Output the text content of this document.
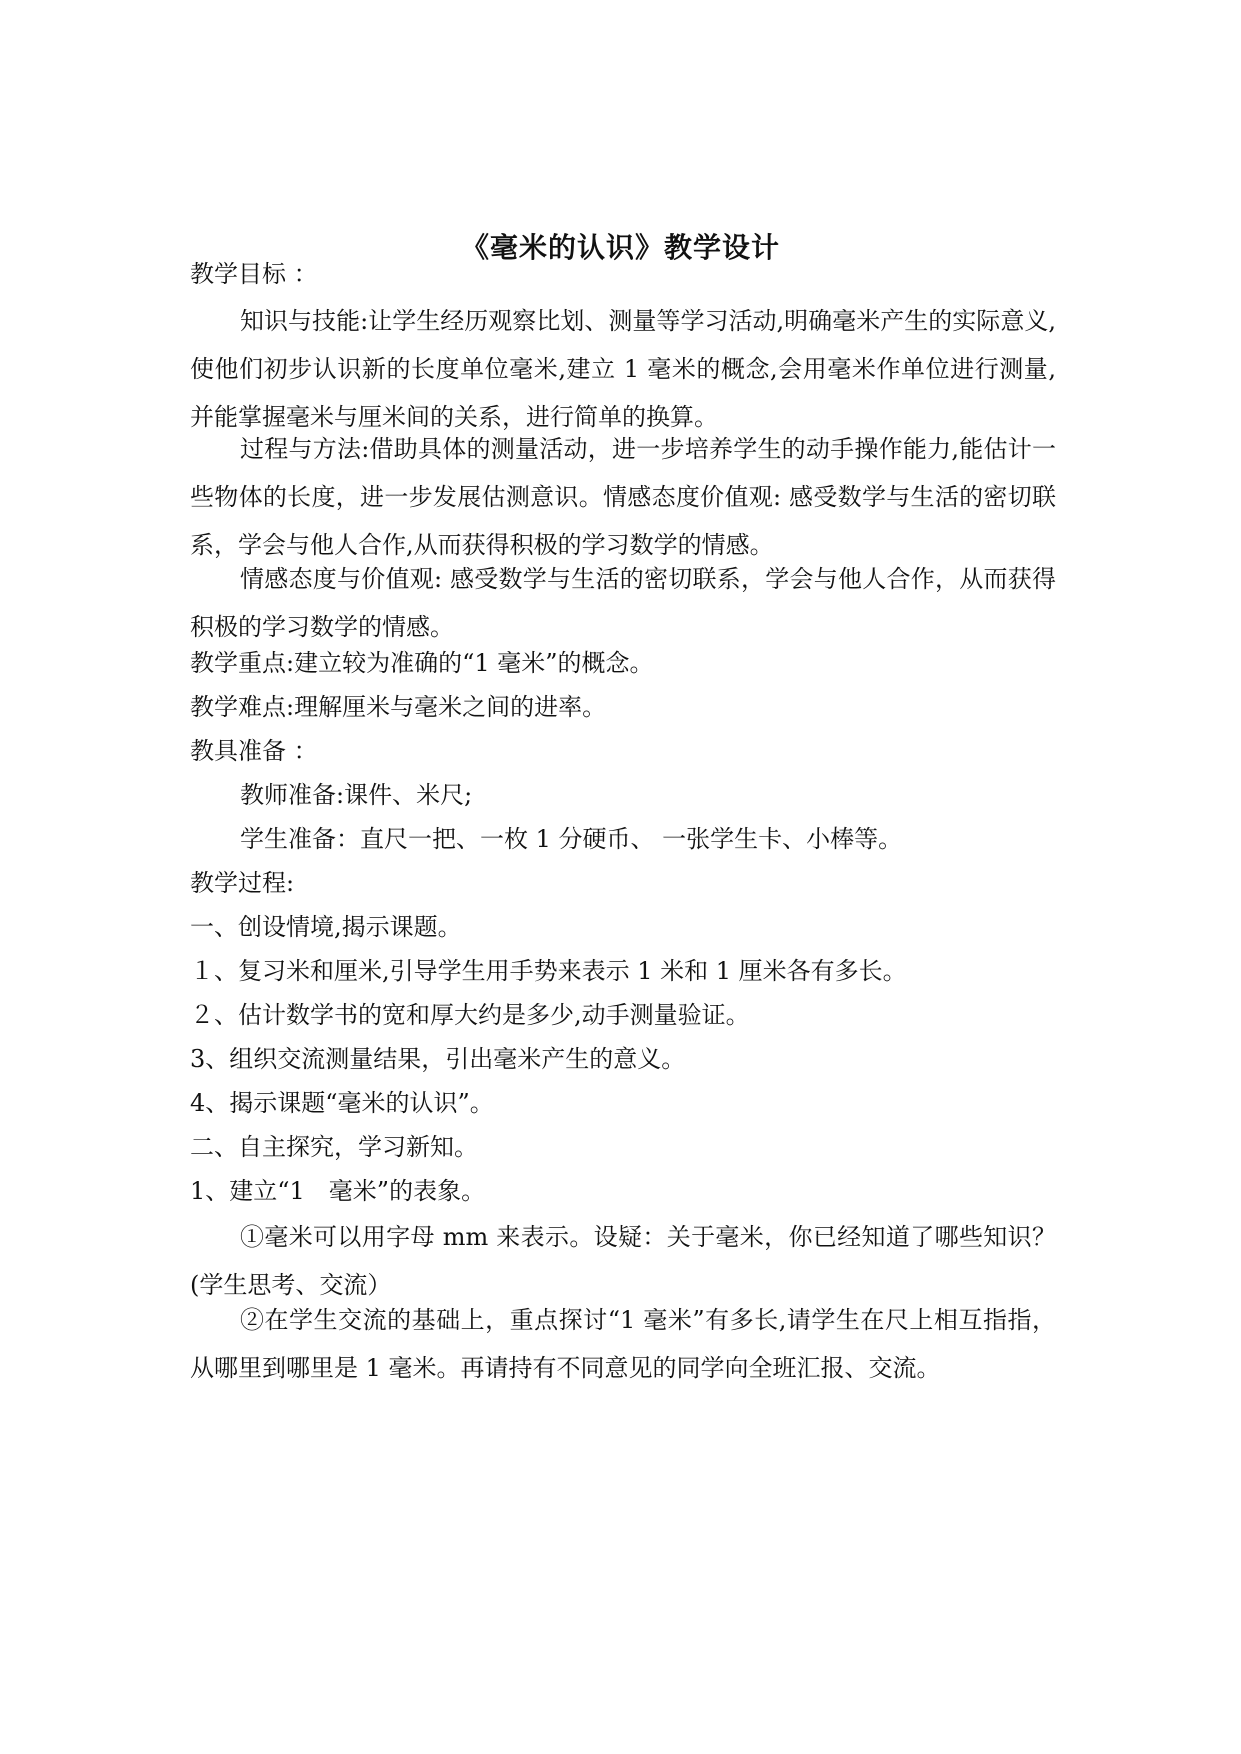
《毫米的认识》教学设计
教学目标 ：
知识与技能:让学生经历观察比划、测量等学习活动,明确毫米产生的实际意义,使他们初步认识新的长度单位毫米,建立 1 毫米的概念,会用毫米作单位进行测量,并能掌握毫米与厘米间的关系，进行简单的换算。
过程与方法:借助具体的测量活动，进一步培养学生的动手操作能力,能估计一些物体的长度，进一步发展估测意识。情感态度价值观: 感受数学与生活的密切联系，学会与他人合作,从而获得积极的学习数学的情感。
情感态度与价值观: 感受数学与生活的密切联系，学会与他人合作，从而获得积极的学习数学的情感。
教学重点:建立较为准确的“1 毫米”的概念。
教学难点:理解厘米与毫米之间的进率。
教具准备 ：
教师准备:课件、米尺;
学生准备：直尺一把、一枚 1 分硬币、 一张学生卡、小棒等。
教学过程:
一、创设情境,揭示课题。
１、复习米和厘米,引导学生用手势来表示 1 米和 1 厘米各有多长。
２、估计数学书的宽和厚大约是多少,动手测量验证。
3、组织交流测量结果，引出毫米产生的意义。
4、揭示课题“毫米的认识”。
二、自主探究，学习新知。
1、建立“1　毫米”的表象。
①毫米可以用字母 mm 来表示。设疑：关于毫米，你已经知道了哪些知识？(学生思考、交流）
②在学生交流的基础上，重点探讨“1 毫米”有多长,请学生在尺上相互指指，从哪里到哪里是 1 毫米。再请持有不同意见的同学向全班汇报、交流。
